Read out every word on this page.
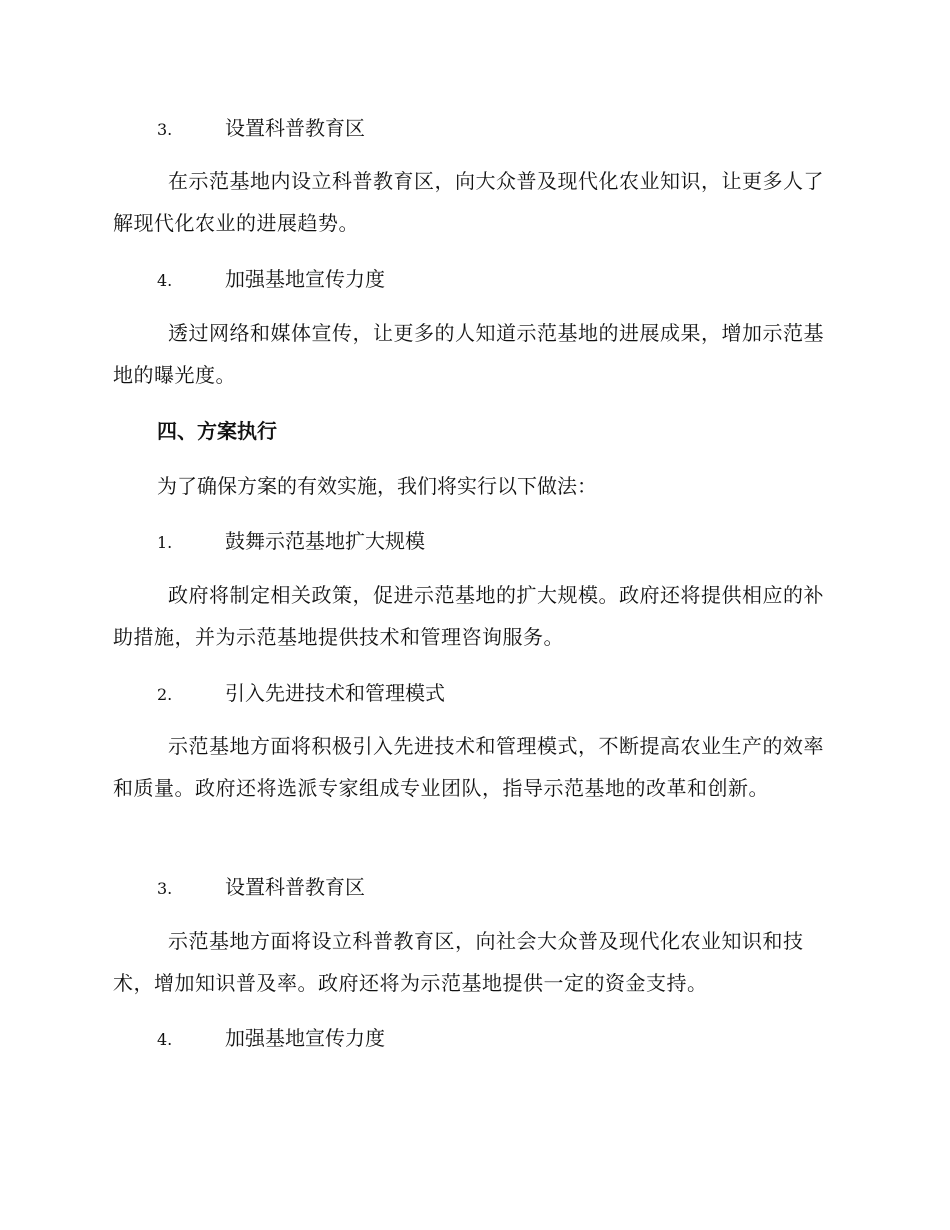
3.	设置科普教育区
在示范基地内设立科普教育区，向大众普及现代化农业知识，让更多人了解现代化农业的进展趋势。
4.	加强基地宣传力度
透过网络和媒体宣传，让更多的人知道示范基地的进展成果，增加示范基地的曝光度。
四、方案执行
为了确保方案的有效实施，我们将实行以下做法：
1.	鼓舞示范基地扩大规模
政府将制定相关政策，促进示范基地的扩大规模。政府还将提供相应的补助措施，并为示范基地提供技术和管理咨询服务。
2.	引入先进技术和管理模式
示范基地方面将积极引入先进技术和管理模式，不断提高农业生产的效率和质量。政府还将选派专家组成专业团队，指导示范基地的改革和创新。
3.	设置科普教育区
示范基地方面将设立科普教育区，向社会大众普及现代化农业知识和技术，增加知识普及率。政府还将为示范基地提供一定的资金支持。
4.	加强基地宣传力度
